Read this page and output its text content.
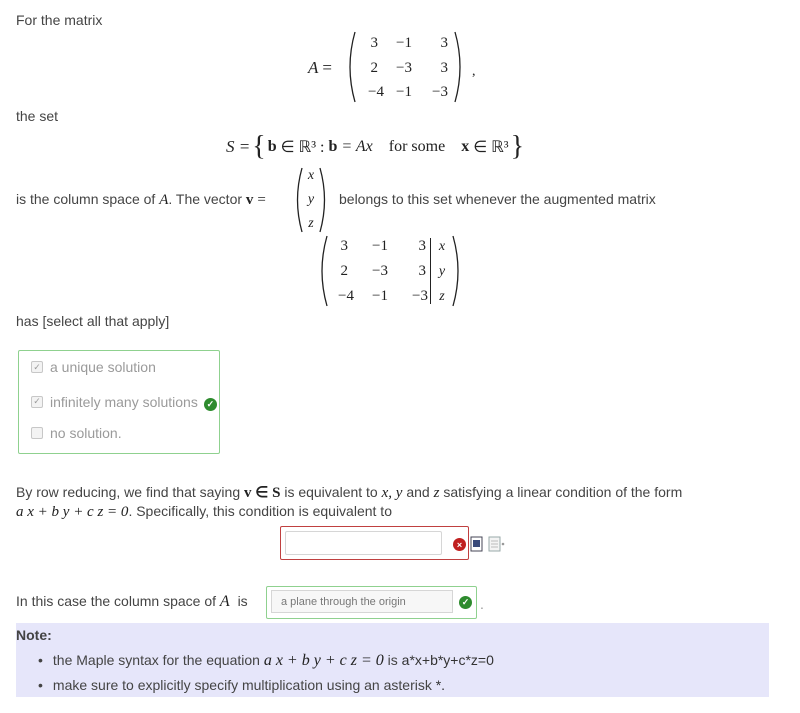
For the matrix
A =
3	−1	3
2	−3	3
−4 −1	−3
,
the set
S = { b ∈ ℝ³ : b = Ax for some x ∈ ℝ³ }
is the column space of A. The vector v =
x
y
z
belongs to this set whenever the augmented matrix
3	−1	3 x
2	−3	3 y
−4	−1	−3 z
has [select all that apply]
✓ a unique solution
✓ infinitely many solutions ✓
no solution.
By row reducing, we find that saying v ∈ S is equivalent to x, y and z satisfying a linear condition of the form
a x + b y + c z = 0. Specifically, this condition is equivalent to
×
In this case the column space of A is	a plane through the origin	✓ .
Note:
• the Maple syntax for the equation a x + b y + c z = 0 is a*x+b*y+c*z=0
• make sure to explicitly specify multiplication using an asterisk *.
